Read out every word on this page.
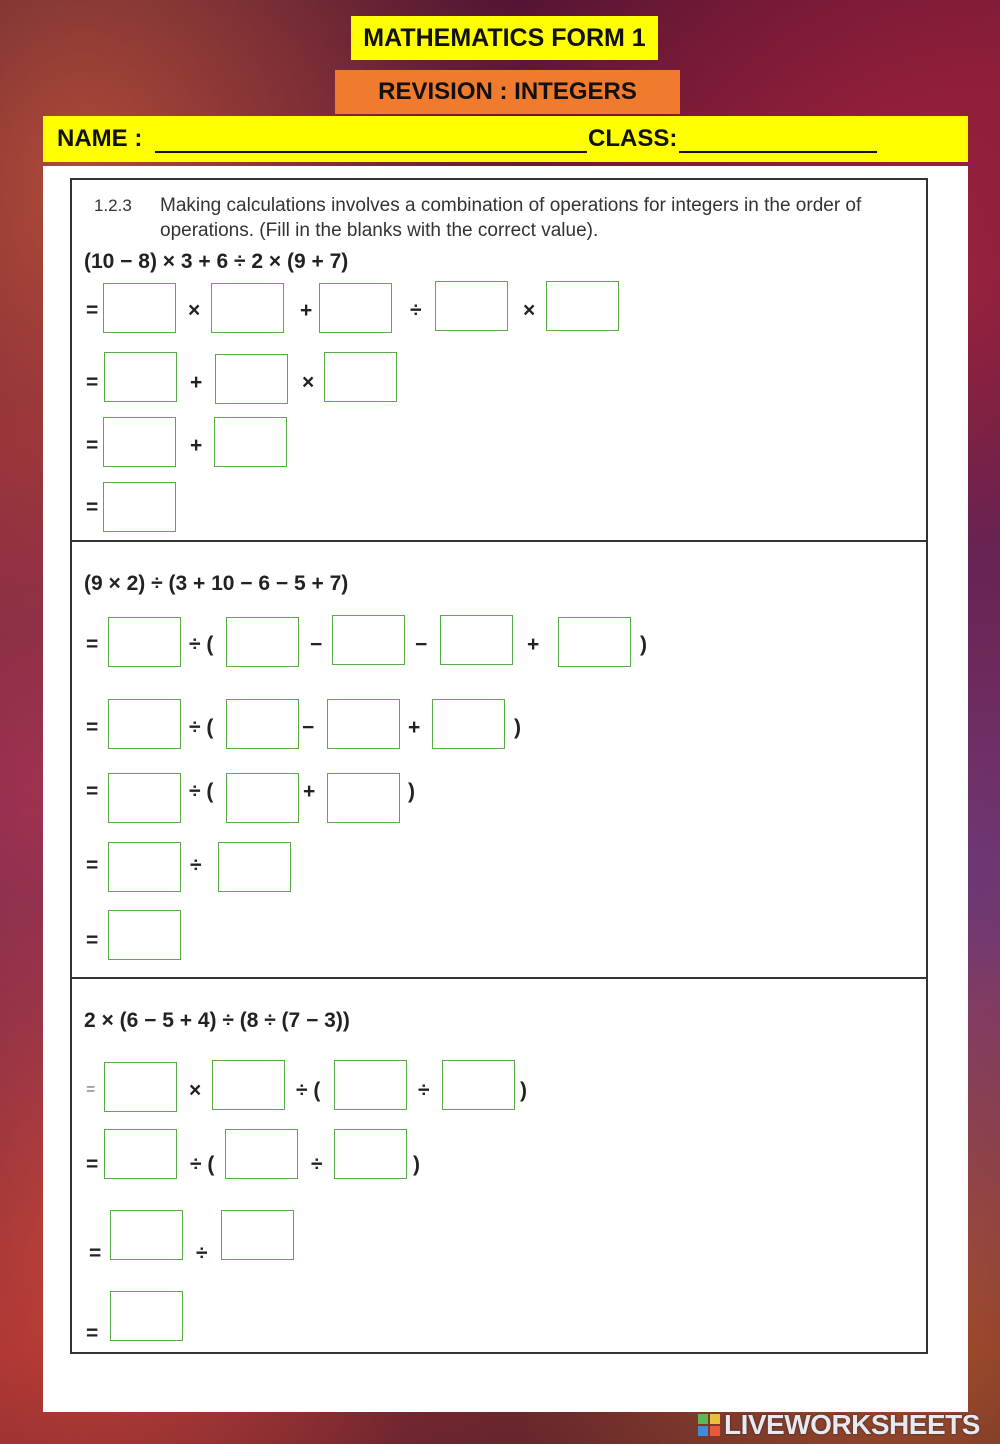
MATHEMATICS FORM 1
REVISION : INTEGERS
NAME :	CLASS:
1.2.3 Making calculations involves a combination of operations for integers in the order of operations. (Fill in the blanks with the correct value).
(10 − 8) × 3 + 6 ÷ 2 × (9 + 7)
=	×	+	÷	×
=	+	×
=	+
=
(9 × 2) ÷ (3 + 10 − 6 − 5 + 7)
=	÷ (	−	−	+	)
=	÷ (	−	+	)
=	÷ (	+	)
=	÷
=
2 × (6 − 5 + 4) ÷ (8 ÷ (7 − 3))
=	×	÷ (	÷	)
=	÷ (	÷	)
=	÷
=
LIVEWORKSHEETS
